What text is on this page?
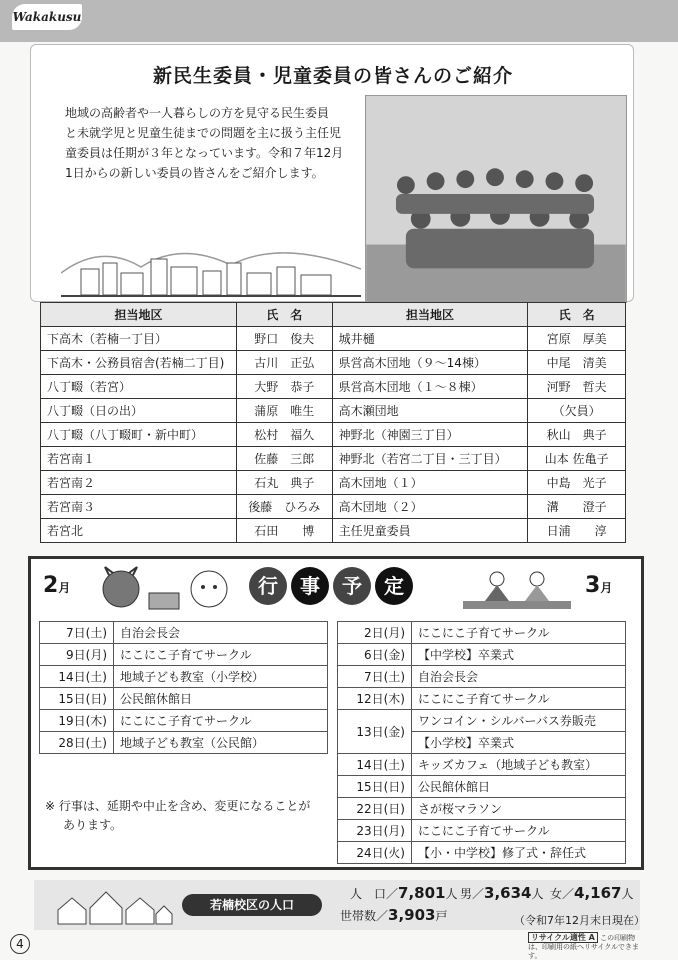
Wakakusu
新民生委員・児童委員の皆さんのご紹介
地域の高齢者や一人暮らしの方を見守る民生委員
と未就学児と児童生徒までの問題を主に扱う主任児
童委員は任期が３年となっています。令和７年12月
1日からの新しい委員の皆さんをご紹介します。
担当地区	氏　名	担当地区	氏　名
下高木（若楠一丁目）	野口　俊夫	城井樋	宮原　厚美
下高木・公務員宿舎(若楠二丁目)	古川　正弘	県営高木団地（９～14棟）	中尾　清美
八丁畷（若宮）	大野　恭子	県営高木団地（１～８棟）	河野　哲夫
八丁畷（日の出）	蒲原　唯生	高木瀬団地	（欠員）
八丁畷（八丁畷町・新中町）	松村　福久	神野北（神園三丁目）	秋山　典子
若宮南１	佐藤　三郎	神野北（若宮二丁目・三丁目）	山本 佐亀子
若宮南２	石丸　典子	高木団地（１）	中島　光子
若宮南３	後藤　ひろみ	高木団地（２）	溝　　澄子
若宮北	石田　　博	主任児童委員	日浦　　淳
2月	行	事	予	定	3月
7日(土)	自治会長会
9日(月)	にこにこ子育てサークル
14日(土)	地域子ども教室（小学校）
15日(日)	公民館休館日
19日(木)	にこにこ子育てサークル
28日(土)	地域子ども教室（公民館）
※ 行事は、延期や中止を含め、変更になることが
あります。
2日(月)	にこにこ子育てサークル
6日(金)	【中学校】卒業式
7日(土)	自治会長会
12日(木)	にこにこ子育てサークル
13日(金)	ワンコイン・シルバーバス券販売
	【小学校】卒業式
14日(土)	キッズカフェ（地域子ども教室）
15日(日)	公民館休館日
22日(日)	さが桜マラソン
23日(月)	にこにこ子育てサークル
24日(火)	【小・中学校】修了式・辞任式
若楠校区の人口
人　口／7,801人 男／3,634人 女／4,167人
世帯数／3,903戸	（令和7年12月末日現在）
4	リサイクル適性 A この印刷物は、印刷用の紙へリサイクルできます。
